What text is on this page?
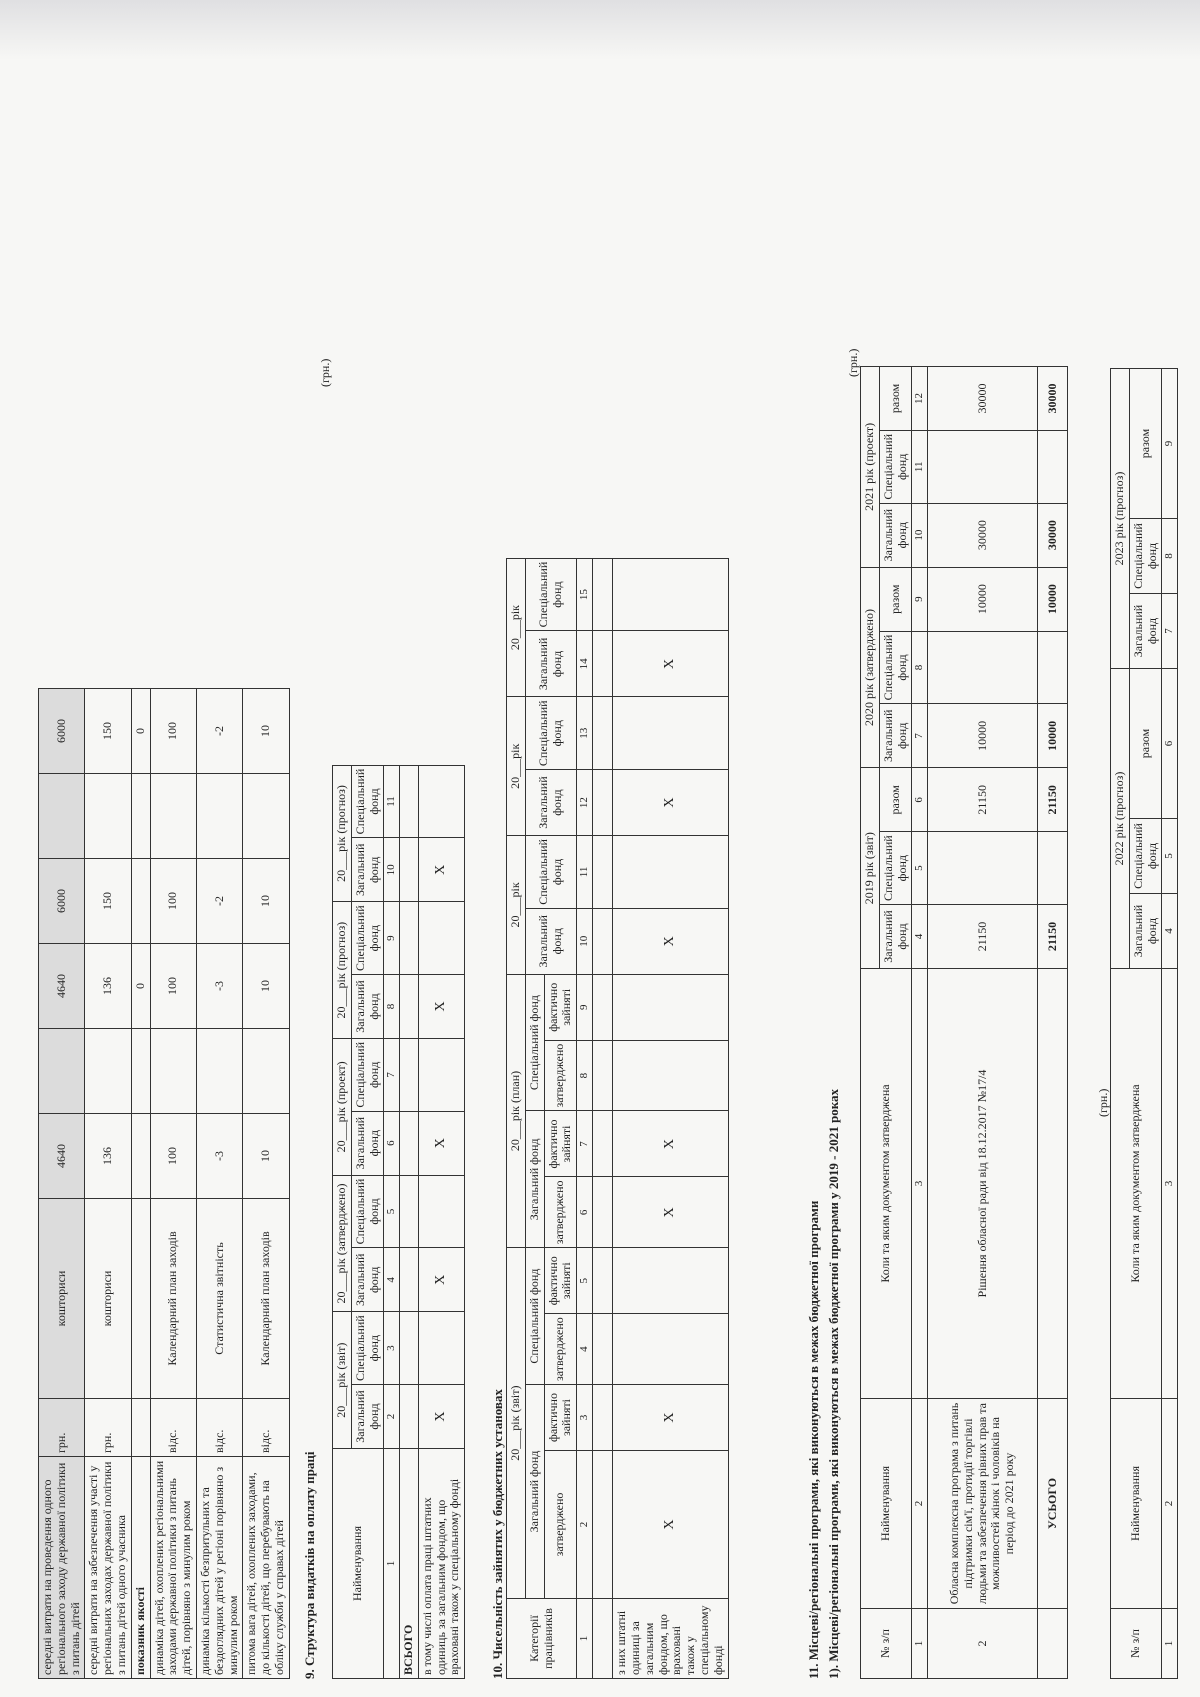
середні витрати на проведення одного регіонального заходу державної політики з питань дітей	грн.	кошториси	4640		4640	6000		6000
середні витрати на забезпечення участі у регіональних заходах державної політики з питань дітей одного учасника	грн.	кошториси	136		136	150		150
показник якості					0			0
динаміка дітей, охоплених регіональними заходами державної політики з питань дітей, порівняно з минулим роком	відс.	Календарний план заходів	100		100	100		100
динаміка кількості безпритульних та бездоглядних дітей у регіоні порівняно з минулим роком	відс.	Статистична звітність	-3		-3	-2		-2
питома вага дітей, охоплених заходами, до кількості дітей, що перебувають на обліку служби у справах дітей	відс.	Календарний план заходів	10		10	10		10
9. Структура видатків на оплату праці
(грн.)
Найменування	20___рік (звіт)		20___рік (затверджено)		20___рік (проект)		20___рік (прогноз)		20___рік (прогноз)	
	Загальний фонд	Спеціальний фонд	Загальний фонд	Спеціальний фонд	Загальний фонд	Спеціальний фонд	Загальний фонд	Спеціальний фонд	Загальний фонд	Спеціальний фонд
1	2	3	4	5	6	7	8	9	10	11
ВСЬОГО										
в тому числі оплата праці штатних одиниць за загальним фондом, що враховані також у спеціальному фонді	X		X		X		X		X	
10. Чисельність зайнятих у бюджетних установах Категорії працівників	20___рік (звіт)				20___рік (план)				20___рік		20___рік		20___рік	
	Загальний фонд		Спеціальний фонд		Загальний фонд		Спеціальний фонд		Загальний фонд	Спеціальний фонд	Загальний фонд	Спеціальний фонд	Загальний фонд	Спеціальний фонд
	затверджено	фактично зайняті	затверджено	фактично зайняті	затверджено	фактично зайняті	затверджено	фактично зайняті						
1	2	3	4	5	6	7	8	9	10	11	12	13	14	15

з них штатні одиниці за загальним фондом, що враховані також у спеціальному фонді	X	X			X	X			X		X		X	
11. Місцеві/регіональні програми, які виконуються в межах бюджетної програми 1). Місцеві/регіональні програми, які виконуються в межах бюджетної програми у 2019 - 2021 роках
(грн.)
№ з/п	Найменування	Коли та яким документом затверджена	2019 рік (звіт)			2020 рік (затверджено)			2021 рік (проект)		
			Загальний фонд	Спеціальний фонд	разом	Загальний фонд	Спеціальний фонд	разом	Загальний фонд	Спеціальний фонд	разом
1	2	3	4	5	6	7	8	9	10	11	12
2	Обласна комплексна програма з питань підтримки сім'ї, протидії торгівлі людьми та забезпечення рівних прав та можливостей жінок і чоловіків на період до 2021 року	Рішення обласної ради від 18.12.2017 №17/4	21150		21150	10000		10000	30000		30000
	УСЬОГО		21150		21150	10000		10000	30000		30000
(грн.)
№ з/п	Найменування	Коли та яким документом затверджена	2022 рік (прогноз)			2023 рік (прогноз)		
			Загальний фонд	Спеціальний фонд	разом	Загальний фонд	Спеціальний фонд	разом
1	2	3	4	5	6	7	8	9
